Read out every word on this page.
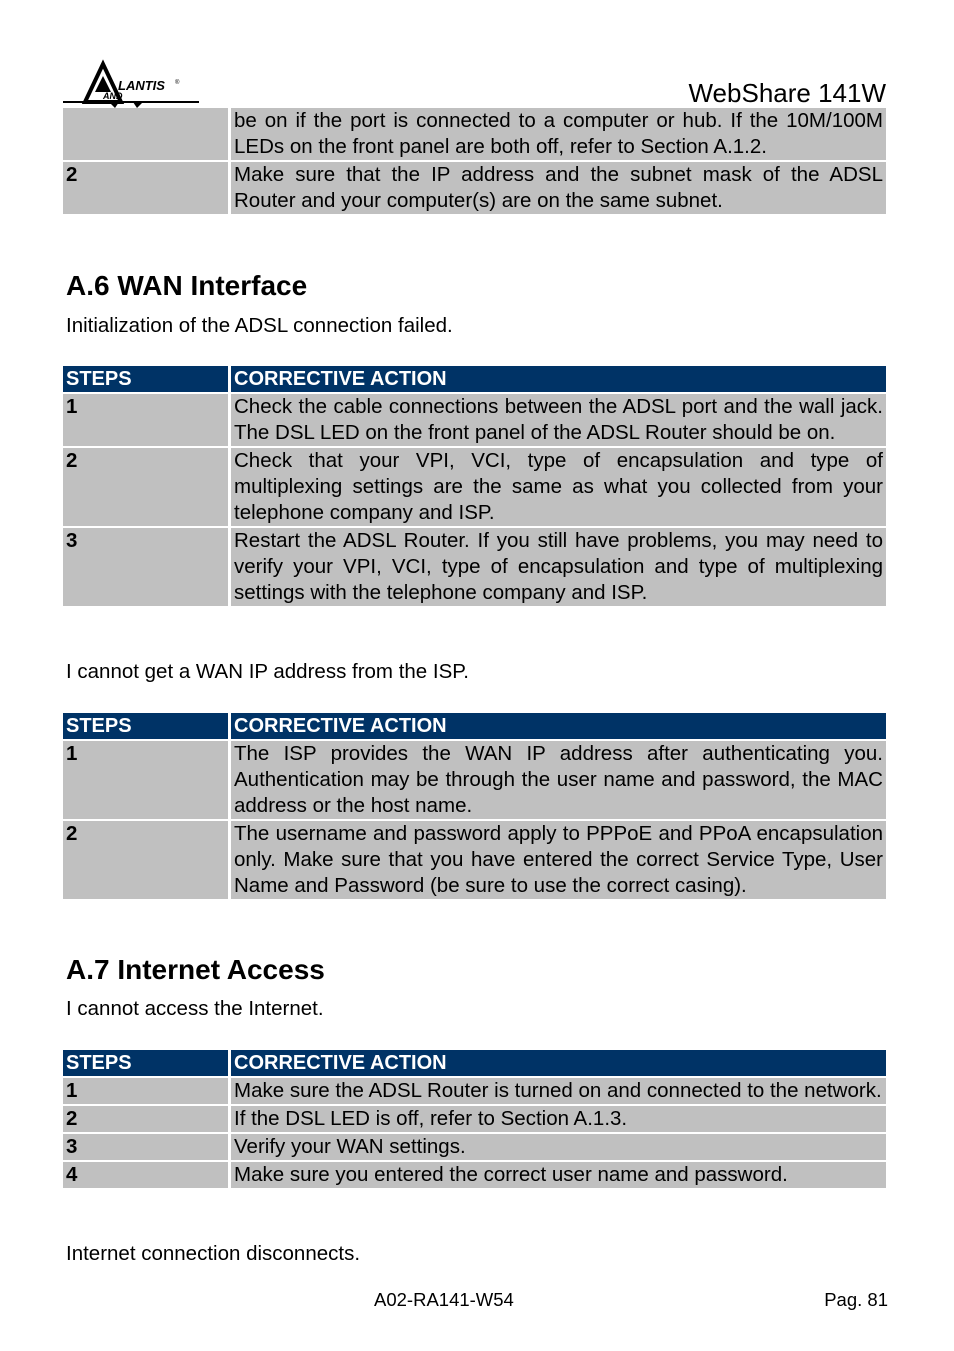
LANTIS
AND
®	WebShare 141W
	be on if the port is connected to a computer or hub. If the 10M/100M LEDs on the front panel are both off, refer to Section A.1.2.
2	Make sure that the IP address and the subnet mask of the ADSL Router and your computer(s) are on the same subnet.
A.6 WAN Interface
Initialization of the ADSL connection failed.
STEPS	CORRECTIVE ACTION
1	Check the cable connections between the ADSL port and the wall jack. The DSL LED on the front panel of the ADSL Router should be on.
2	Check that your VPI, VCI, type of encapsulation and type of multiplexing settings are the same as what you collected from your telephone company and ISP.
3	Restart the ADSL Router. If you still have problems, you may need to verify your VPI, VCI, type of encapsulation and type of multiplexing settings with the telephone company and ISP.
I cannot get a WAN IP address from the ISP.
STEPS	CORRECTIVE ACTION
1	The ISP provides the WAN IP address after authenticating you. Authentication may be through the user name and password, the MAC address or the host name.
2	The username and password apply to PPPoE and PPoA encapsulation only. Make sure that you have entered the correct Service Type, User Name and Password (be sure to use the correct casing).
A.7 Internet Access
I cannot access the Internet.
STEPS	CORRECTIVE ACTION
1	Make sure the ADSL Router is turned on and connected to the network.
2	If the DSL LED is off, refer to Section A.1.3.
3	Verify your WAN settings.
4	Make sure you entered the correct user name and password.
Internet connection disconnects.
A02-RA141-W54	Pag. 81
